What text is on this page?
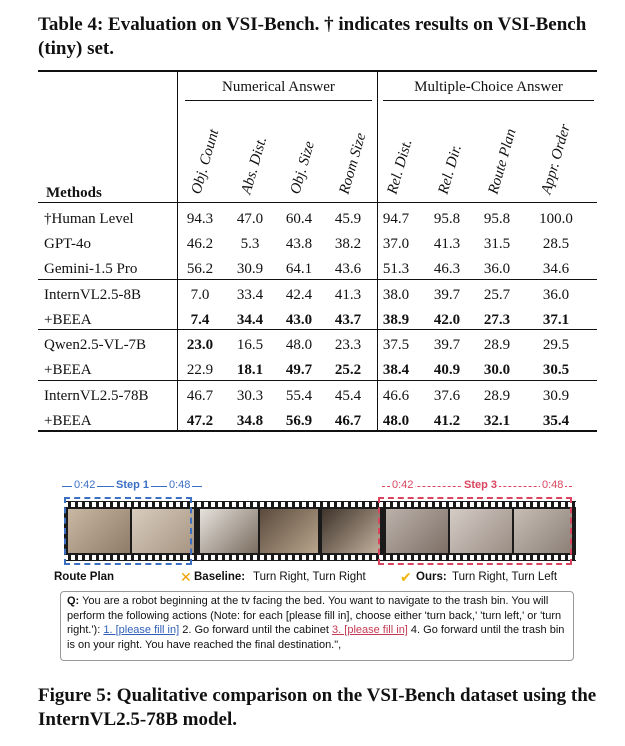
Table 4: Evaluation on VSI-Bench. † indicates results on VSI-Bench (tiny) set.
Numerical Answer	Multiple-Choice Answer
Obj. Count Abs. Dist. Obj. Size Room Size Rel. Dist. Rel. Dir. Route Plan Appr. Order
Methods
†Human Level	94.3	47.0	60.4	45.9	94.7	95.8	95.8	100.0
GPT-4o	46.2	5.3	43.8	38.2	37.0	41.3	31.5	28.5
Gemini-1.5 Pro	56.2	30.9	64.1	43.6	51.3	46.3	36.0	34.6
InternVL2.5-8B	7.0	33.4	42.4	41.3	38.0	39.7	25.7	36.0
+BEEA	7.4	34.4	43.0	43.7	38.9	42.0	27.3	37.1
Qwen2.5-VL-7B	23.0	16.5	48.0	23.3	37.5	39.7	28.9	29.5
+BEEA	22.9	18.1	49.7	25.2	38.4	40.9	30.0	30.5
InternVL2.5-78B	46.7	30.3	55.4	45.4	46.6	37.6	28.9	30.9
+BEEA	47.2	34.8	56.9	46.7	48.0	41.2	32.1	35.4
0:42 Step 1 0:48	0:42	Step 3	0:48
Route Plan	✕ Baseline: Turn Right, Turn Right ✔ Ours: Turn Right, Turn Left
Q: You are a robot beginning at the tv facing the bed. You want to navigate to the trash bin. You will perform the following actions (Note: for each [please fill in], choose either 'turn back,' 'turn left,' or 'turn right.'): 1. [please fill in] 2. Go forward until the cabinet 3. [please fill in] 4. Go forward until the trash bin is on your right. You have reached the final destination.",
Figure 5: Qualitative comparison on the VSI-Bench dataset using the InternVL2.5-78B model.
